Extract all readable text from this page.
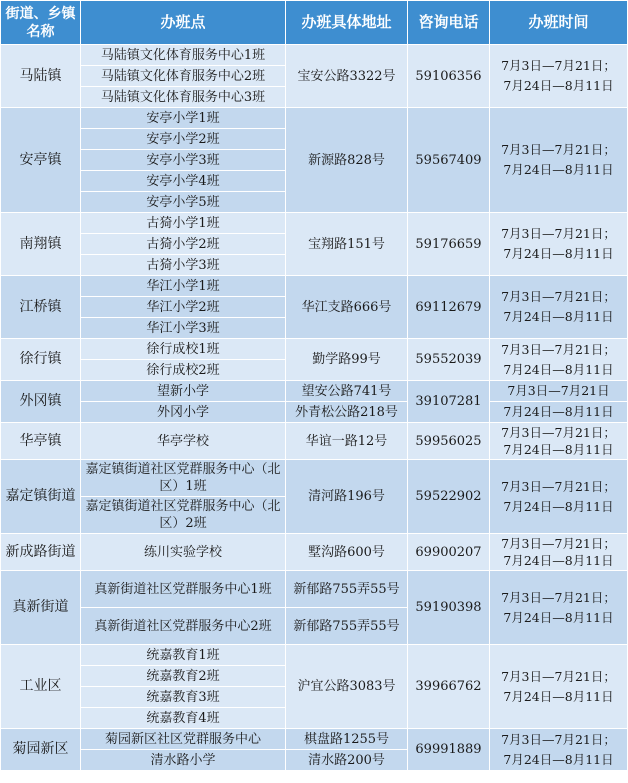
街道、乡镇名称	办班点	办班具体地址	咨询电话	办班时间
马陆镇	马陆镇文化体育服务中心1班	宝安公路3322号	59106356	7月3日—7月21日；
7月24日—8月11日
	马陆镇文化体育服务中心2班			
	马陆镇文化体育服务中心3班			
安亭镇	安亭小学1班	新源路828号	59567409	7月3日—7月21日；
7月24日—8月11日
	安亭小学2班			
	安亭小学3班			
	安亭小学4班			
	安亭小学5班			
南翔镇	古猗小学1班	宝翔路151号	59176659	7月3日—7月21日；
7月24日—8月11日
	古猗小学2班			
	古猗小学3班			
江桥镇	华江小学1班	华江支路666号	69112679	7月3日—7月21日；
7月24日—8月11日
	华江小学2班			
	华江小学3班			
徐行镇	徐行成校1班	勤学路99号	59552039	7月3日—7月21日；
7月24日—8月11日
	徐行成校2班			
外冈镇	望新小学	望安公路741号	39107281	7月3日—7月21日
	外冈小学	外青松公路218号		7月24日—8月11日
华亭镇	华亭学校	华谊一路12号	59956025	7月3日—7月21日；
7月24日—8月11日
嘉定镇街道	嘉定镇街道社区党群服务中心（北区）1班	清河路196号	59522902	7月3日—7月21日；
7月24日—8月11日
	嘉定镇街道社区党群服务中心（北区）2班			
新成路街道	练川实验学校	墅沟路600号	69900207	7月3日—7月21日；
7月24日—8月11日
真新街道	真新街道社区党群服务中心1班	新郁路755弄55号	59190398	7月3日—7月21日；
7月24日—8月11日
	真新街道社区党群服务中心2班	新郁路755弄55号		
工业区	统嘉教育1班	沪宜公路3083号	39966762	7月3日—7月21日；
7月24日—8月11日
	统嘉教育2班			
	统嘉教育3班			
	统嘉教育4班			
菊园新区	菊园新区社区党群服务中心	棋盘路1255号	69991889	7月3日—7月21日；
7月24日—8月11日
	清水路小学	清水路200号		
